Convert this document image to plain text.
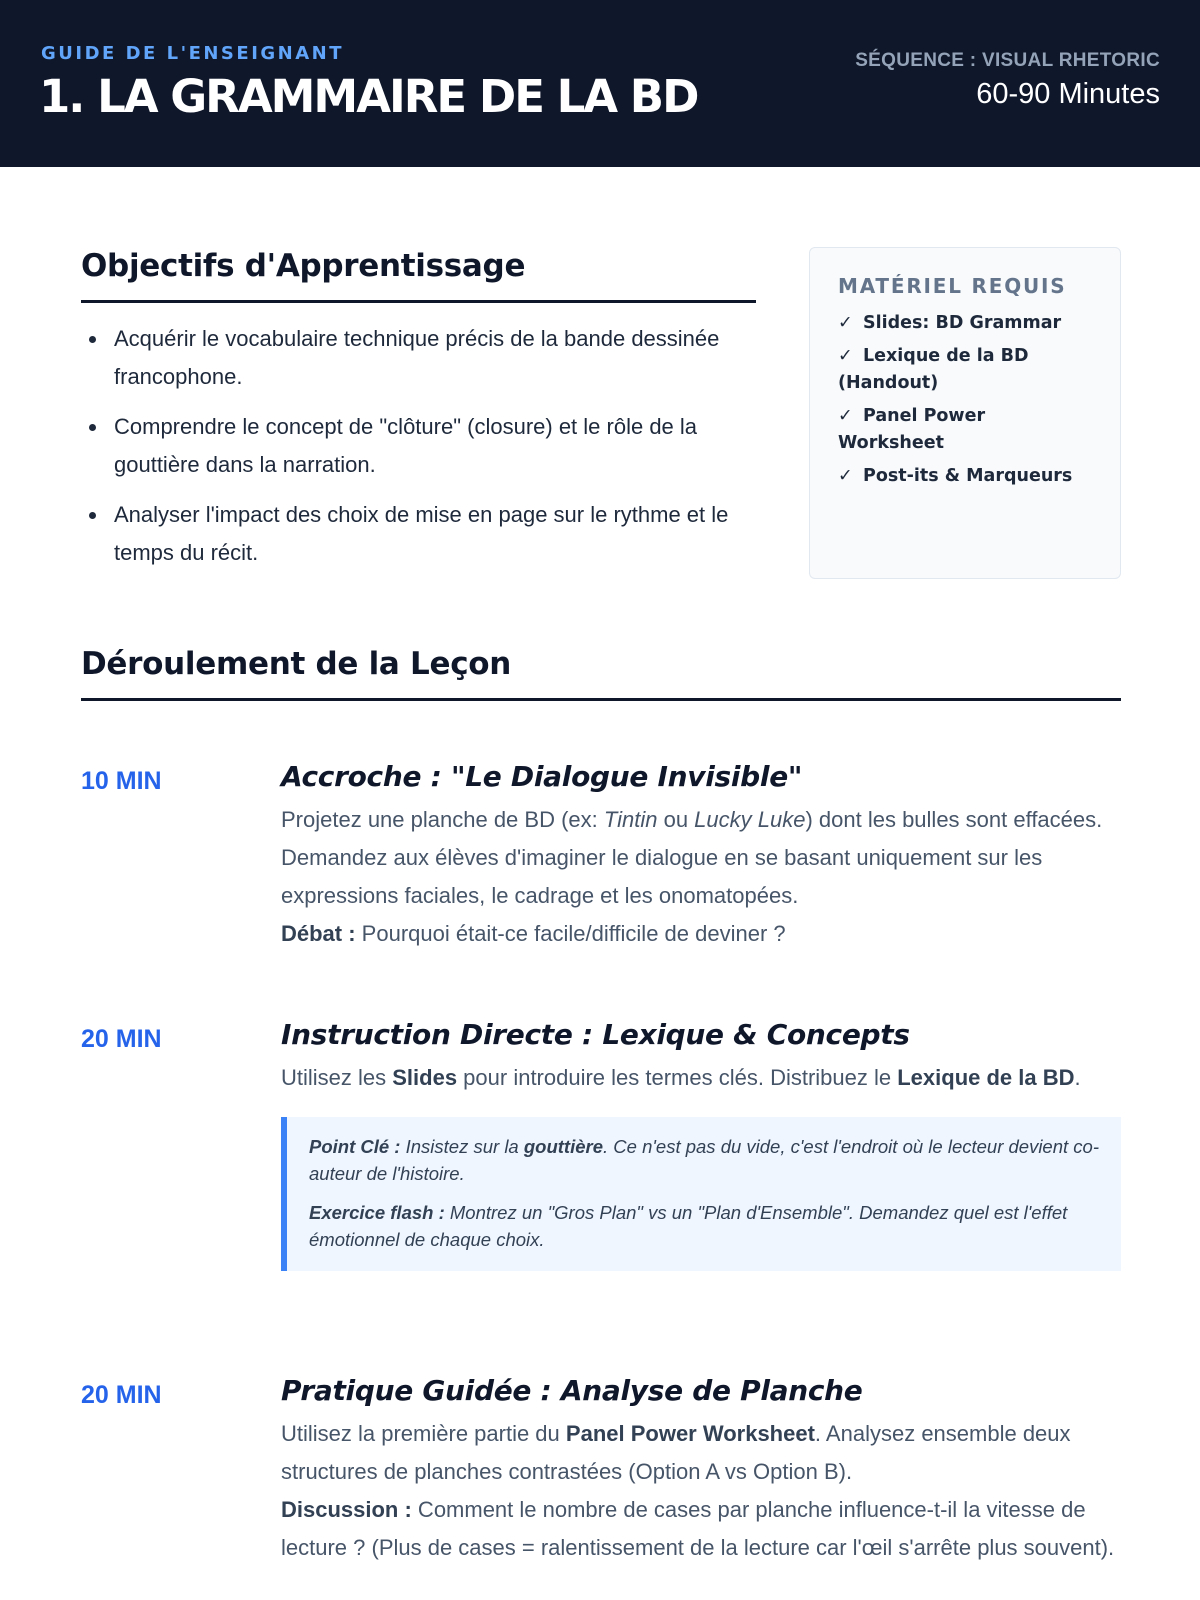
GUIDE DE L'ENSEIGNANT
1. LA GRAMMAIRE DE LA BD
SÉQUENCE : VISUAL RHETORIC
60-90 Minutes
Objectifs d'Apprentissage
Acquérir le vocabulaire technique précis de la bande dessinée francophone.
Comprendre le concept de "clôture" (closure) et le rôle de la gouttière dans la narration.
Analyser l'impact des choix de mise en page sur le rythme et le temps du récit.
MATÉRIEL REQUIS
✓ Slides: BD Grammar
✓ Lexique de la BD (Handout)
✓ Panel Power Worksheet
✓ Post-its & Marqueurs
Déroulement de la Leçon
10 MIN	Accroche : "Le Dialogue Invisible"

Projetez une planche de BD (ex: Tintin ou Lucky Luke) dont les bulles sont effacées. Demandez aux élèves d'imaginer le dialogue en se basant uniquement sur les expressions faciales, le cadrage et les onomatopées.

Débat : Pourquoi était-ce facile/difficile de deviner ?

20 MIN	Instruction Directe : Lexique & Concepts

Utilisez les Slides pour introduire les termes clés. Distribuez le Lexique de la BD.

Point Clé : Insistez sur la gouttière. Ce n'est pas du vide, c'est l'endroit où le lecteur devient co-auteur de l'histoire.

Exercice flash : Montrez un "Gros Plan" vs un "Plan d'Ensemble". Demandez quel est l'effet émotionnel de chaque choix.

20 MIN	Pratique Guidée : Analyse de Planche

Utilisez la première partie du Panel Power Worksheet. Analysez ensemble deux structures de planches contrastées (Option A vs Option B).

Discussion : Comment le nombre de cases par planche influence-t-il la vitesse de lecture ? (Plus de cases = ralentissement de la lecture car l'œil s'arrête plus souvent).
